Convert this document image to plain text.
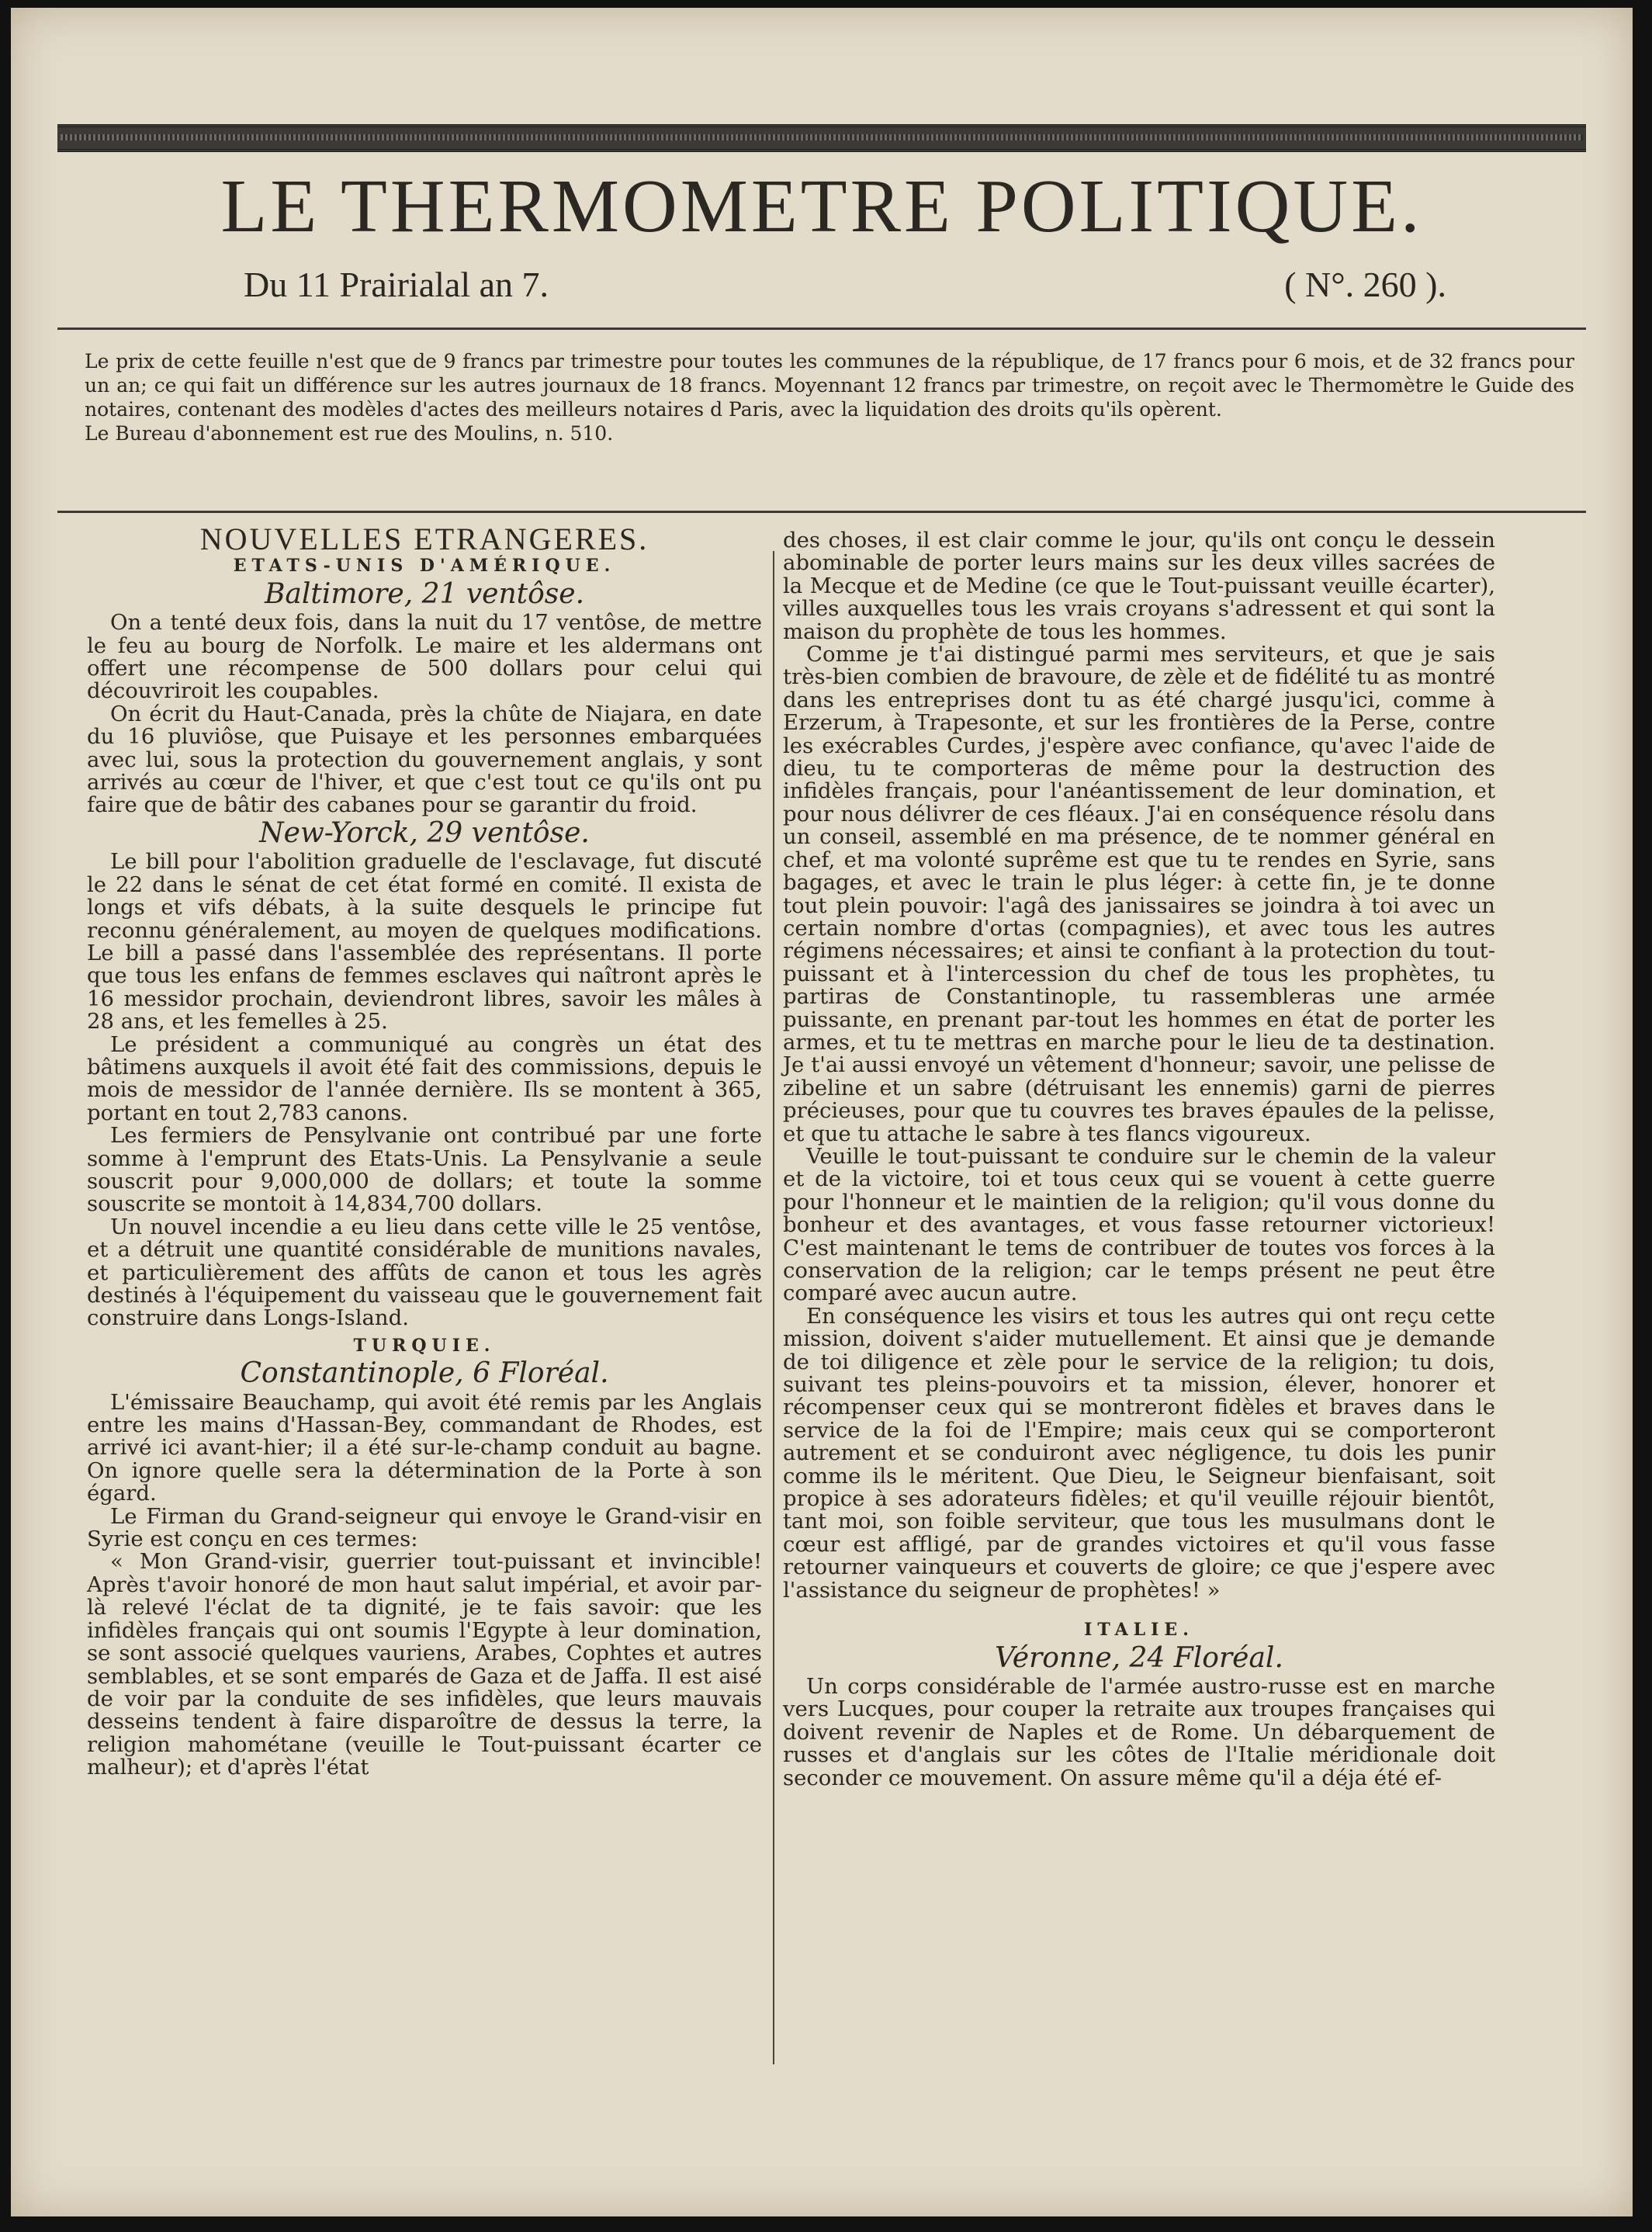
LE THERMOMETRE POLITIQUE.
Du 11 Prairialal an 7.	( N°. 260 ).

Le prix de cette feuille n'est que de 9 francs par trimestre pour toutes les communes de la république, de 17 francs pour 6 mois, et de 32 francs pour un an; ce qui fait un différence sur les autres journaux de 18 francs. Moyennant 12 francs par trimestre, on reçoit avec le Thermomètre le Guide des notaires, contenant des modèles d'actes des meilleurs notaires d Paris, avec la liquidation des droits qu'ils opèrent.

Le Bureau d'abonnement est rue des Moulins, n. 510.

NOUVELLES ETRANGERES.
ETATS-UNIS D'AMÉRIQUE.
Baltimore, 21 ventôse.

On a tenté deux fois, dans la nuit du 17 ventôse, de mettre le feu au bourg de Norfolk. Le maire et les aldermans ont offert une récompense de 500 dollars pour celui qui découvriroit les coupables.

On écrit du Haut-Canada, près la chûte de Niajara, en date du 16 pluviôse, que Puisaye et les personnes embarquées avec lui, sous la protection du gouvernement anglais, y sont arrivés au cœur de l'hiver, et que c'est tout ce qu'ils ont pu faire que de bâtir des cabanes pour se garantir du froid.

New-Yorck, 29 ventôse.

Le bill pour l'abolition graduelle de l'esclavage, fut discuté le 22 dans le sénat de cet état formé en comité. Il exista de longs et vifs débats, à la suite desquels le principe fut reconnu généralement, au moyen de quelques modifications. Le bill a passé dans l'assemblée des représentans. Il porte que tous les enfans de femmes esclaves qui naîtront après le 16 messidor prochain, deviendront libres, savoir les mâles à 28 ans, et les femelles à 25.

Le président a communiqué au congrès un état des bâtimens auxquels il avoit été fait des commissions, depuis le mois de messidor de l'année dernière. Ils se montent à 365, portant en tout 2,783 canons.

Les fermiers de Pensylvanie ont contribué par une forte somme à l'emprunt des Etats-Unis. La Pensylvanie a seule souscrit pour 9,000,000 de dollars; et toute la somme souscrite se montoit à 14,834,700 dollars.

Un nouvel incendie a eu lieu dans cette ville le 25 ventôse, et a détruit une quantité considérable de munitions navales, et particulièrement des affûts de canon et tous les agrès destinés à l'équipement du vaisseau que le gouvernement fait construire dans Longs-Island.

TURQUIE.
Constantinople, 6 Floréal.

L'émissaire Beauchamp, qui avoit été remis par les Anglais entre les mains d'Hassan-Bey, commandant de Rhodes, est arrivé ici avant-hier; il a été sur-le-champ conduit au bagne. On ignore quelle sera la détermination de la Porte à son égard.

Le Firman du Grand-seigneur qui envoye le Grand-visir en Syrie est conçu en ces termes:

« Mon Grand-visir, guerrier tout-puissant et invincible! Après t'avoir honoré de mon haut salut impérial, et avoir par-là relevé l'éclat de ta dignité, je te fais savoir: que les infidèles français qui ont soumis l'Egypte à leur domination, se sont associé quelques vauriens, Arabes, Cophtes et autres semblables, et se sont emparés de Gaza et de Jaffa. Il est aisé de voir par la conduite de ses infidèles, que leurs mauvais desseins tendent à faire disparoître de dessus la terre, la religion mahométane (veuille le Tout-puissant écarter ce malheur); et d'après l'état

des choses, il est clair comme le jour, qu'ils ont conçu le dessein abominable de porter leurs mains sur les deux villes sacrées de la Mecque et de Medine (ce que le Tout-puissant veuille écarter), villes auxquelles tous les vrais croyans s'adressent et qui sont la maison du prophète de tous les hommes.

Comme je t'ai distingué parmi mes serviteurs, et que je sais très-bien combien de bravoure, de zèle et de fidélité tu as montré dans les entreprises dont tu as été chargé jusqu'ici, comme à Erzerum, à Trapesonte, et sur les frontières de la Perse, contre les exécrables Curdes, j'espère avec confiance, qu'avec l'aide de dieu, tu te comporteras de même pour la destruction des infidèles français, pour l'anéantissement de leur domination, et pour nous délivrer de ces fléaux. J'ai en conséquence résolu dans un conseil, assemblé en ma présence, de te nommer général en chef, et ma volonté suprême est que tu te rendes en Syrie, sans bagages, et avec le train le plus léger: à cette fin, je te donne tout plein pouvoir: l'agâ des janissaires se joindra à toi avec un certain nombre d'ortas (compagnies), et avec tous les autres régimens nécessaires; et ainsi te confiant à la protection du tout-puissant et à l'intercession du chef de tous les prophètes, tu partiras de Constantinople, tu rassembleras une armée puissante, en prenant par-tout les hommes en état de porter les armes, et tu te mettras en marche pour le lieu de ta destination. Je t'ai aussi envoyé un vêtement d'honneur; savoir, une pelisse de zibeline et un sabre (détruisant les ennemis) garni de pierres précieuses, pour que tu couvres tes braves épaules de la pelisse, et que tu attache le sabre à tes flancs vigoureux.

Veuille le tout-puissant te conduire sur le chemin de la valeur et de la victoire, toi et tous ceux qui se vouent à cette guerre pour l'honneur et le maintien de la religion; qu'il vous donne du bonheur et des avantages, et vous fasse retourner victorieux! C'est maintenant le tems de contribuer de toutes vos forces à la conservation de la religion; car le temps présent ne peut être comparé avec aucun autre.

En conséquence les visirs et tous les autres qui ont reçu cette mission, doivent s'aider mutuellement. Et ainsi que je demande de toi diligence et zèle pour le service de la religion; tu dois, suivant tes pleins-pouvoirs et ta mission, élever, honorer et récompenser ceux qui se montreront fidèles et braves dans le service de la foi de l'Empire; mais ceux qui se comporteront autrement et se conduiront avec négligence, tu dois les punir comme ils le méritent. Que Dieu, le Seigneur bienfaisant, soit propice à ses adorateurs fidèles; et qu'il veuille réjouir bientôt, tant moi, son foible serviteur, que tous les musulmans dont le cœur est affligé, par de grandes victoires et qu'il vous fasse retourner vainqueurs et couverts de gloire; ce que j'espere avec l'assistance du seigneur de prophètes! »

ITALIE.
Véronne, 24 Floréal.

Un corps considérable de l'armée austro-russe est en marche vers Lucques, pour couper la retraite aux troupes françaises qui doivent revenir de Naples et de Rome. Un débarquement de russes et d'anglais sur les côtes de l'Italie méridionale doit seconder ce mouvement. On assure même qu'il a déja été ef-
